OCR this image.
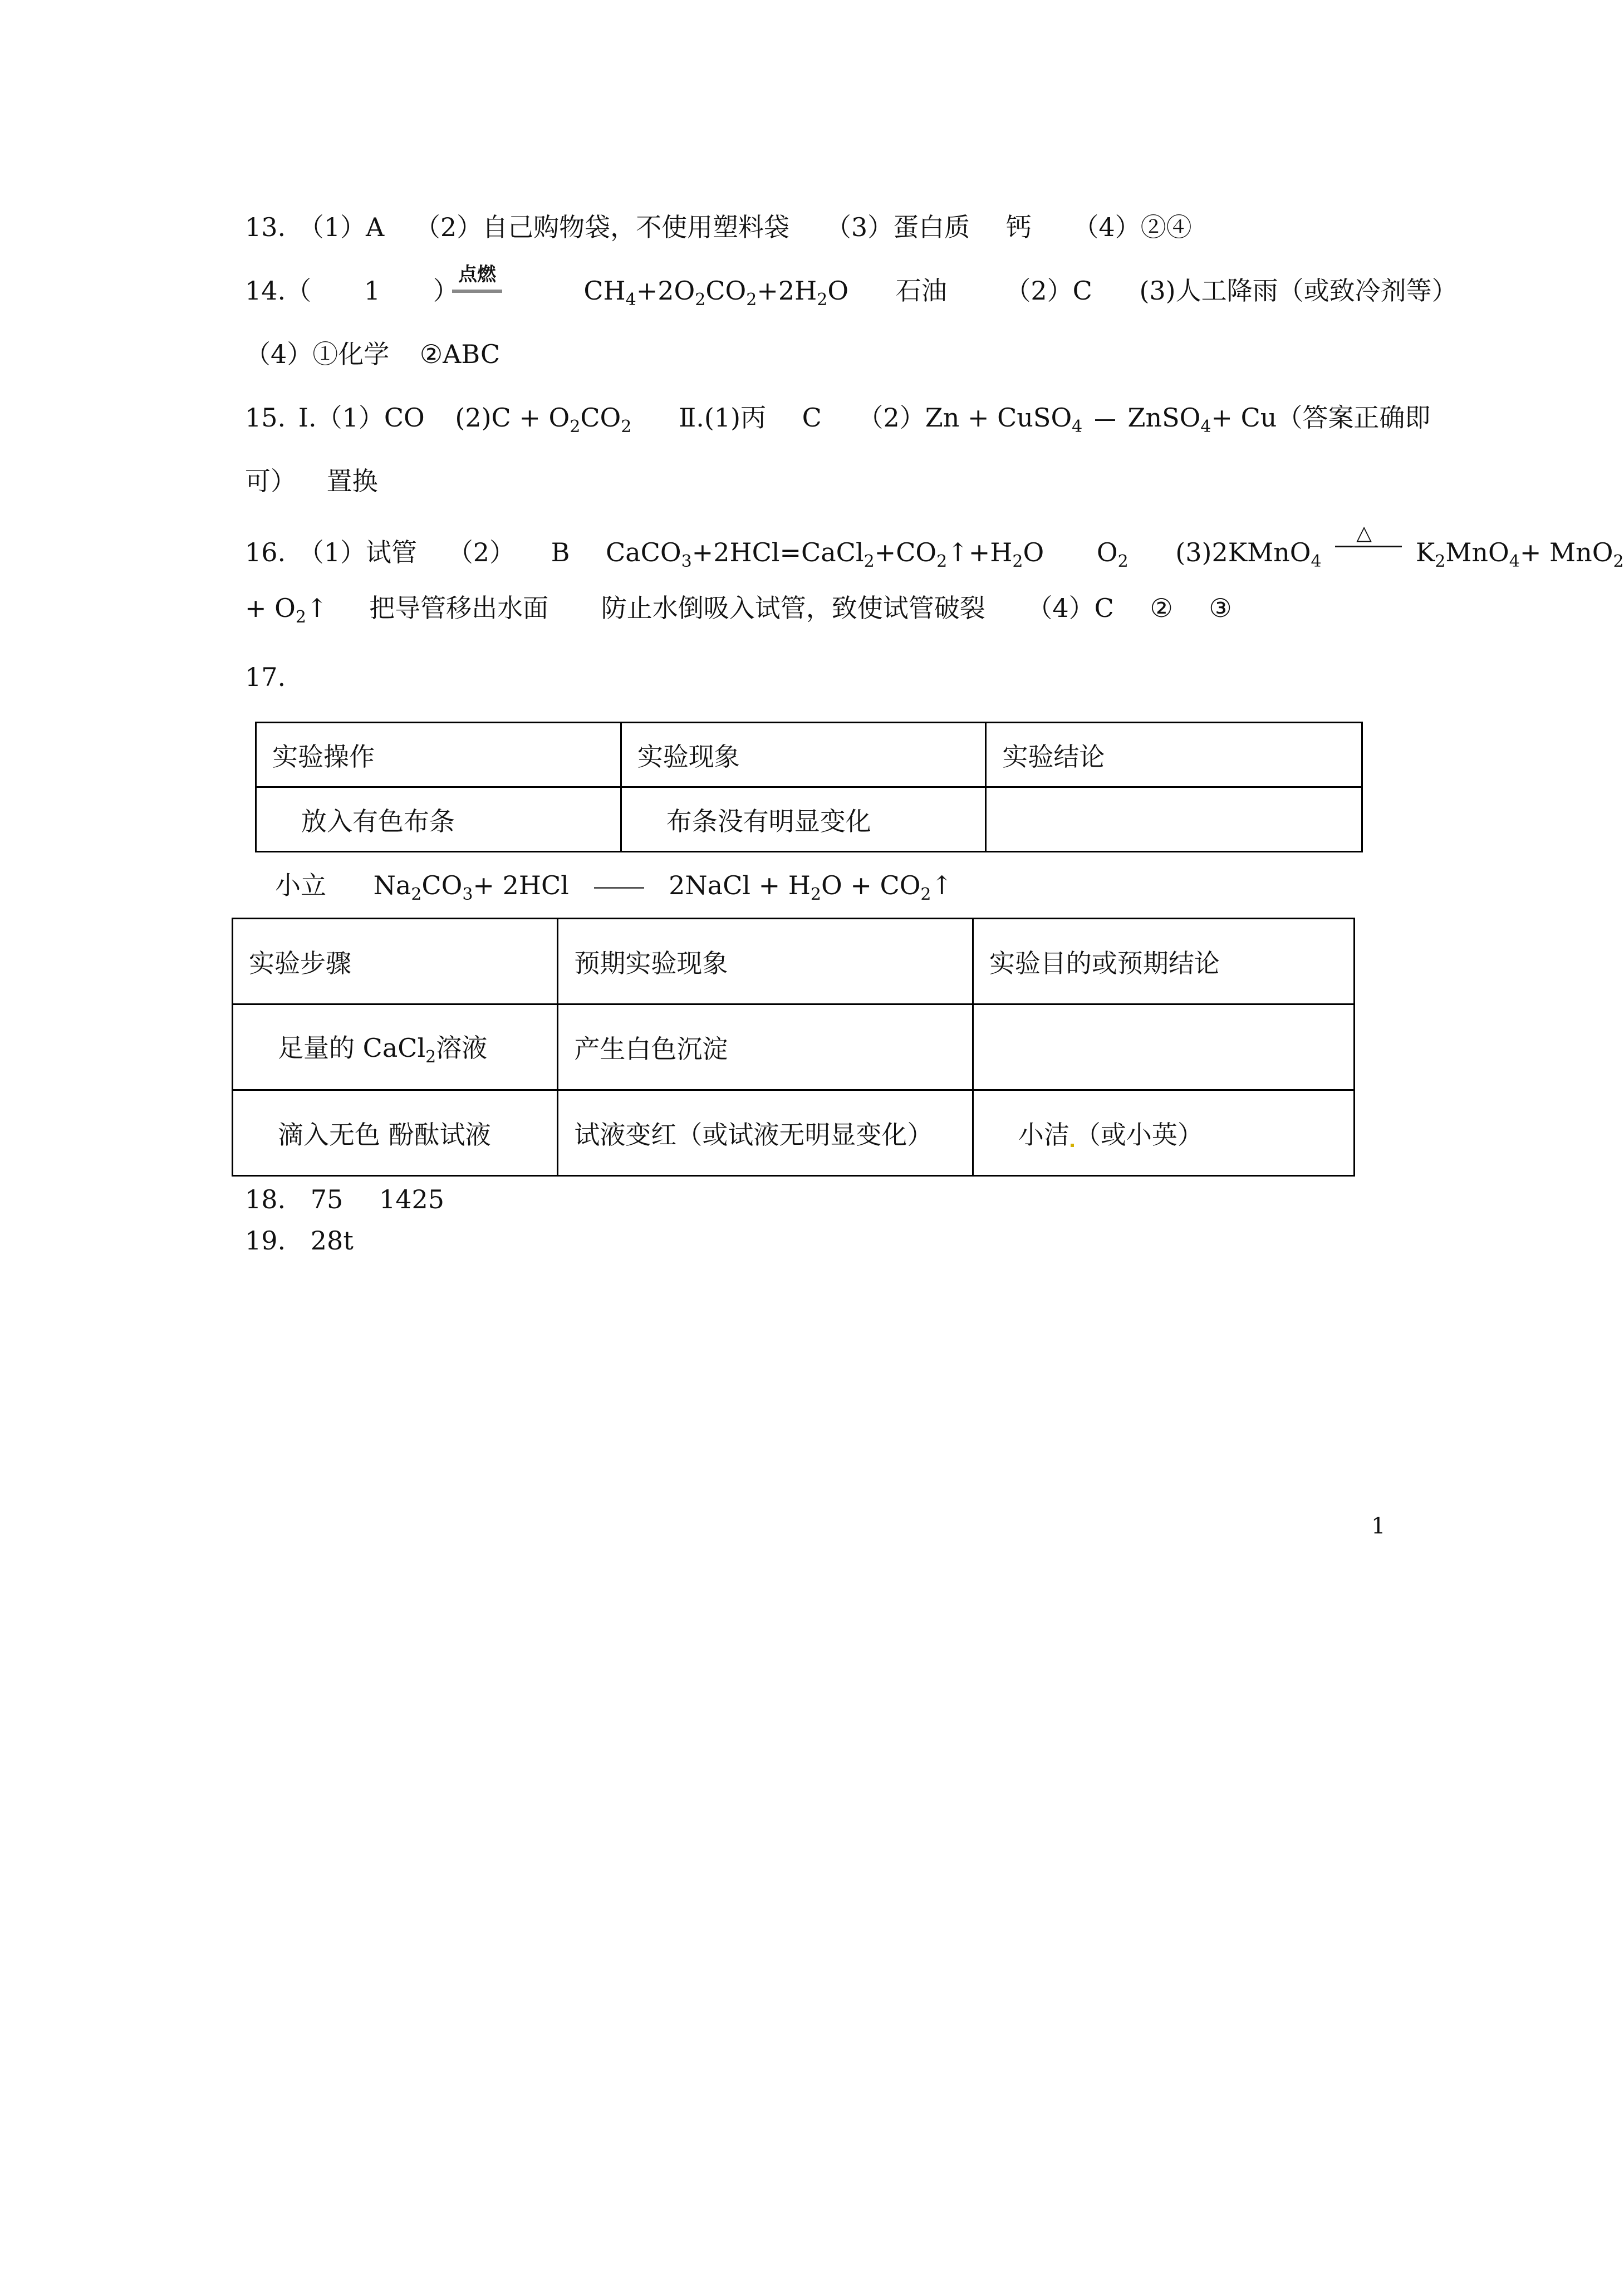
13. （1）A （2）自己购物袋，不使用塑料袋 （3）蛋白质 钙 （4）②④
点燃
14.（ 1 ）	CH4+2O2CO2+2H2O 石油 （2）C (3)人工降雨（或致冷剂等）
（4）①化学 ②ABC
15. Ⅰ.（1）CO (2)C + O2CO2 Ⅱ.(1)丙 C （2）Zn + CuSO4 ZnSO4+ Cu（答案正确即
可） 置换
16. （1）试管 （2） B CaCO3+2HCl=CaCl2+CO2↑+H2O O2 (3)2KMnO4
△
K2MnO4+ MnO2
+ O2↑ 把导管移出水面 防止水倒吸入试管，致使试管破裂 （4）C ② ③
17.
实验操作	实验现象	实验结论
放入有色布条	布条没有明显变化	
小立 Na2CO3+ 2HCl	2NaCl + H2O + CO2↑
实验步骤	预期实验现象	实验目的或预期结论
足量的 CaCl$_2$溶液	产生白色沉淀	
滴入无色 酚酞试液	试液变红（或试液无明显变化）	小洁 （或小英）
18. 75 1425
19. 28t
1
